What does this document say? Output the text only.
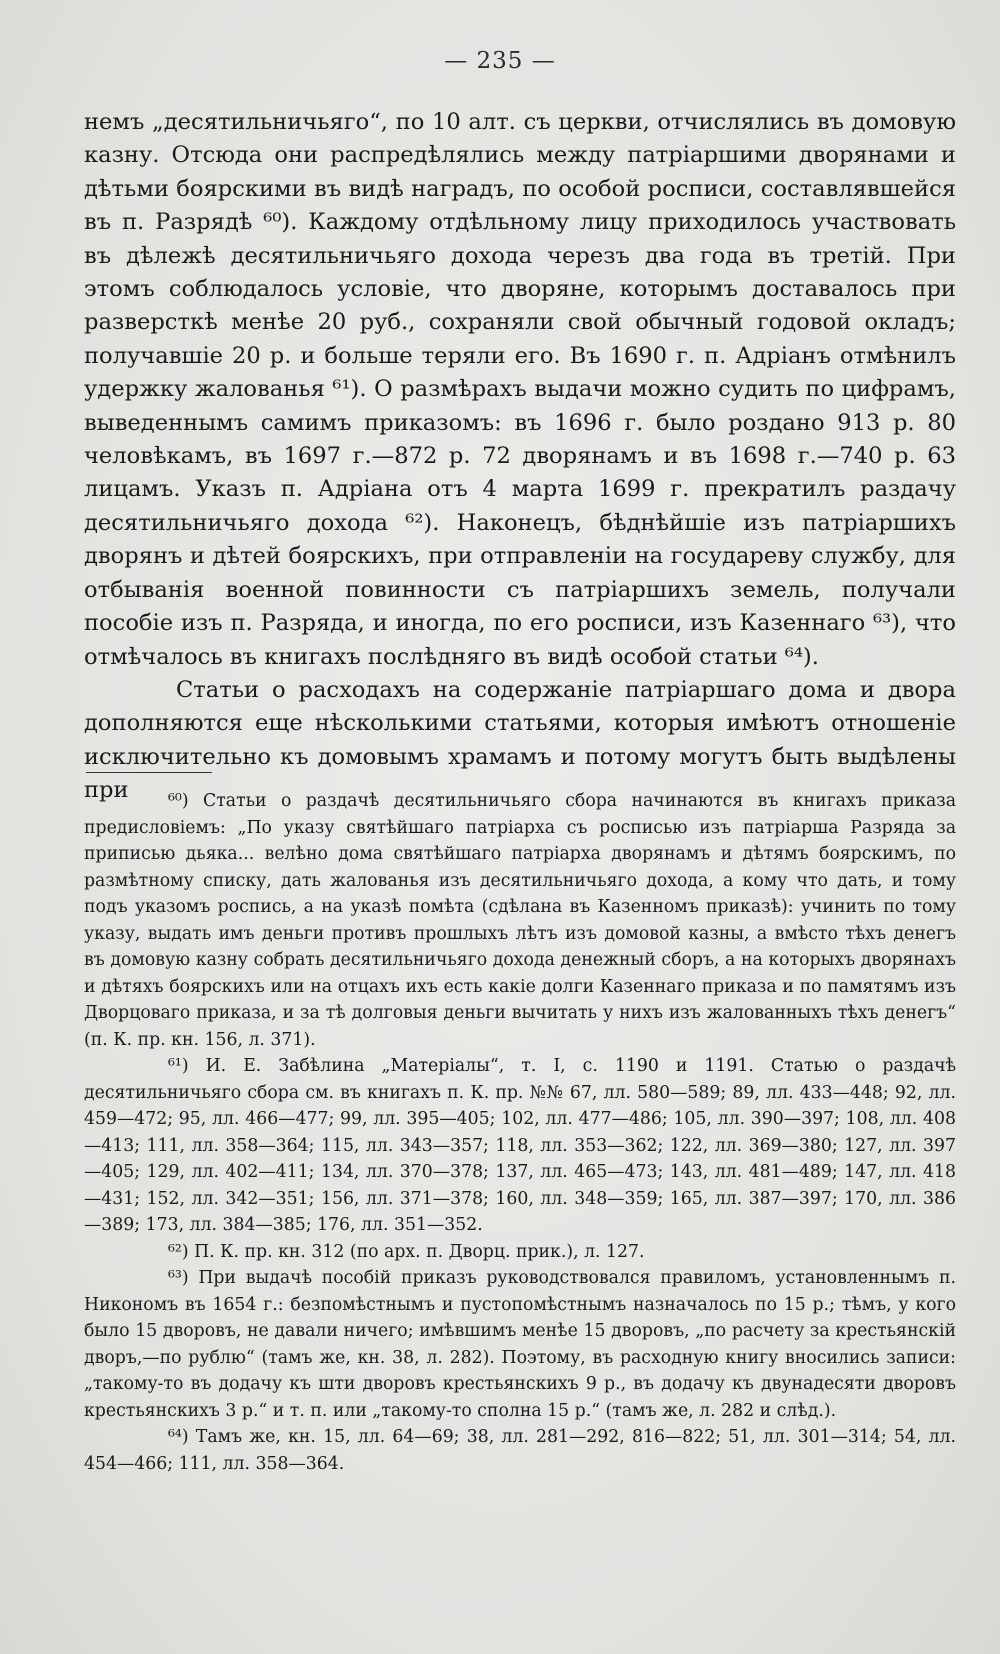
— 235 —

немъ „десятильничьяго“, по 10 алт. съ церкви, отчислялись въ домовую казну. Отсюда они распредѣлялись между патріаршими дворянами и дѣтьми боярскими въ видѣ наградъ, по особой росписи, составлявшейся въ п. Разрядѣ ⁶⁰). Каждому отдѣльному лицу приходилось участвовать въ дѣлежѣ десятильничьяго дохода черезъ два года въ третій. При этомъ соблюдалось условіе, что дворяне, которымъ доставалось при разверсткѣ менѣе 20 руб., сохраняли свой обычный годовой окладъ; получавшіе 20 р. и больше теряли его. Въ 1690 г. п. Адріанъ отмѣнилъ удержку жалованья ⁶¹). О размѣрахъ выдачи можно судить по цифрамъ, выведеннымъ самимъ приказомъ: въ 1696 г. было роздано 913 р. 80 человѣкамъ, въ 1697 г.—872 р. 72 дворянамъ и въ 1698 г.—740 р. 63 лицамъ. Указъ п. Адріана отъ 4 марта 1699 г. прекратилъ раздачу десятильничьяго дохода ⁶²). Наконецъ, бѣднѣйшіе изъ патріаршихъ дворянъ и дѣтей боярскихъ, при отправленіи на государеву службу, для отбыванія военной повинности съ патріаршихъ земель, получали пособіе изъ п. Разряда, и иногда, по его росписи, изъ Казеннаго ⁶³), что отмѣчалось въ книгахъ послѣдняго въ видѣ особой статьи ⁶⁴).

Статьи о расходахъ на содержаніе патріаршаго дома и двора дополняются еще нѣсколькими статьями, которыя имѣютъ отношеніе исключительно къ домовымъ храмамъ и потому могутъ быть выдѣлены при	⁶⁰) Статьи о раздачѣ десятильничьяго сбора начинаются въ книгахъ приказа предисловіемъ: „По указу святѣйшаго патріарха съ росписью изъ патріарша Разряда за приписью дьяка... велѣно дома святѣйшаго патріарха дворянамъ и дѣтямъ боярскимъ, по размѣтному списку, дать жалованья изъ десятильничьяго дохода, а кому что дать, и тому подъ указомъ роспись, а на указѣ помѣта (сдѣлана въ Казенномъ приказѣ): учинить по тому указу, выдать имъ деньги противъ прошлыхъ лѣтъ изъ домовой казны, а вмѣсто тѣхъ денегъ въ домовую казну собрать десятильничьяго дохода денежный сборъ, а на которыхъ дворянахъ и дѣтяхъ боярскихъ или на отцахъ ихъ есть какіе долги Казеннаго приказа и по памятямъ изъ Дворцоваго приказа, и за тѣ долговыя деньги вычитать у нихъ изъ жалованныхъ тѣхъ денегъ“ (п. К. пр. кн. 156, л. 371).

⁶¹) И. Е. Забѣлина „Матеріалы“, т. I, с. 1190 и 1191. Статью о раздачѣ десятильничьяго сбора см. въ книгахъ п. К. пр. №№ 67, лл. 580—589; 89, лл. 433—448; 92, лл. 459—472; 95, лл. 466—477; 99, лл. 395—405; 102, лл. 477—486; 105, лл. 390—397; 108, лл. 408—413; 111, лл. 358—364; 115, лл. 343—357; 118, лл. 353—362; 122, лл. 369—380; 127, лл. 397—405; 129, лл. 402—411; 134, лл. 370—378; 137, лл. 465—473; 143, лл. 481—489; 147, лл. 418—431; 152, лл. 342—351; 156, лл. 371—378; 160, лл. 348—359; 165, лл. 387—397; 170, лл. 386—389; 173, лл. 384—385; 176, лл. 351—352.

⁶²) П. К. пр. кн. 312 (по арх. п. Дворц. прик.), л. 127.

⁶³) При выдачѣ пособій приказъ руководствовался правиломъ, установленнымъ п. Никономъ въ 1654 г.: безпомѣстнымъ и пустопомѣстнымъ назначалось по 15 р.; тѣмъ, у кого было 15 дворовъ, не давали ничего; имѣвшимъ менѣе 15 дворовъ, „по расчету за крестьянскій дворъ,—по рублю“ (тамъ же, кн. 38, л. 282). Поэтому, въ расходную книгу вносились записи: „такому-то въ додачу къ шти дворовъ крестьянскихъ 9 р., въ додачу къ двунадесяти дворовъ крестьянскихъ 3 р.“ и т. п. или „такому-то сполна 15 р.“ (тамъ же, л. 282 и слѣд.).

⁶⁴) Тамъ же, кн. 15, лл. 64—69; 38, лл. 281—292, 816—822; 51, лл. 301—314; 54, лл. 454—466; 111, лл. 358—364.
